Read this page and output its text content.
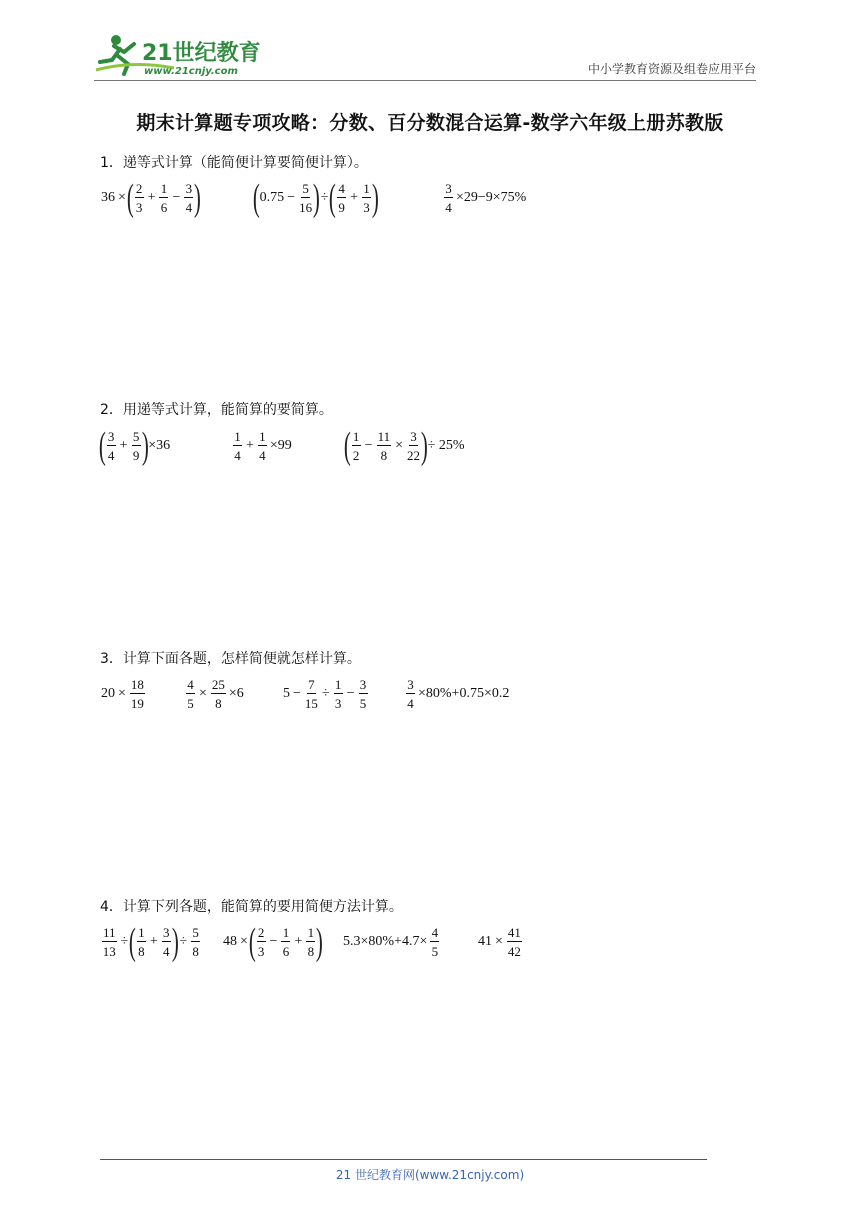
21世纪教育
www.21cnjy.com	中小学教育资源及组卷应用平台
期末计算题专项攻略：分数、百分数混合运算-数学六年级上册苏教版
1．递等式计算（能简便计算要简便计算）。
36 × ( $\frac{2}{3} + \frac{1}{6} - \frac{3}{4}$ ) ( $0.75 - \frac{5}{16}$ ) ÷ ( $\frac{4}{9} + \frac{1}{3}$ )	$\frac{3}{4} \times 29-9\times 75\%$
2．用递等式计算，能简算的要简算。
( $\frac{3}{4} + \frac{5}{9}$ ) ×36	$\frac{1}{4} + \frac{1}{4} \times 99$ ( $\frac{1}{2} - \frac{11}{8} \times \frac{3}{22}$ ) ÷ 25%
3．计算下面各题，怎样简便就怎样计算。
$20 \times \frac{18}{19}$	$\frac{4}{5} \times \frac{25}{8} \times 6$	$5 - \frac{7}{15} \div \frac{1}{3} - \frac{3}{5}$	$\frac{3}{4} \times 80\%+0.75\times 0.2$
4．计算下列各题，能简算的要用简便方法计算。
$\frac{11}{13}$ ÷ ( $\frac{1}{8} + \frac{3}{4}$ ) ÷ $\frac{5}{8} 48$ × ( $\frac{2}{3} - \frac{1}{6} + \frac{1}{8}$ ) $5.3\times 80\%+4.7\times \frac{4}{5}$	$41 \times \frac{41}{42}$
21 世纪教育网(www.21cnjy.com)
